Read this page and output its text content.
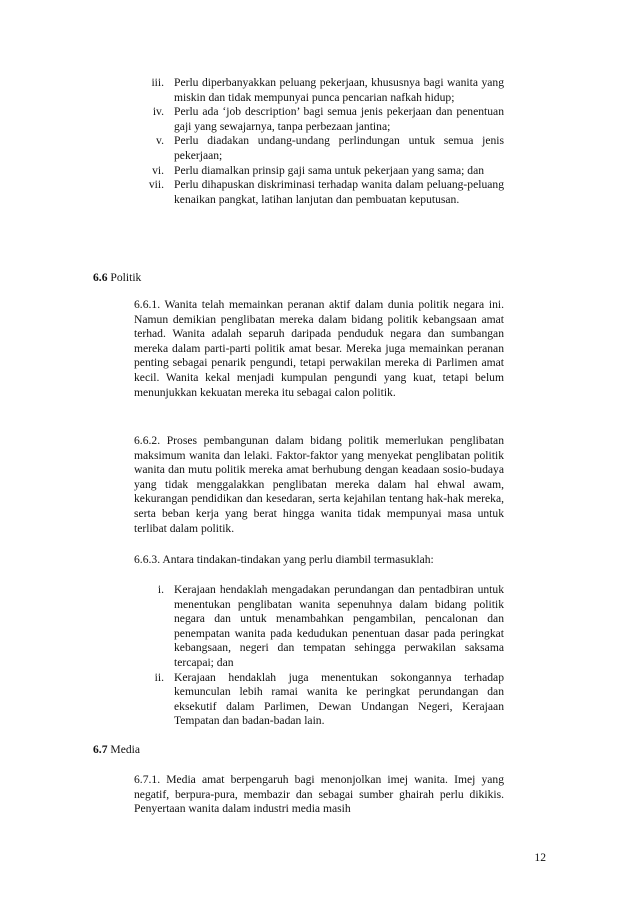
iii. Perlu diperbanyakkan peluang pekerjaan, khususnya bagi wanita yang miskin dan tidak mempunyai punca pencarian nafkah hidup;
iv. Perlu ada ‘job description’ bagi semua jenis pekerjaan dan penentuan gaji yang sewajarnya, tanpa perbezaan jantina;
v. Perlu diadakan undang-undang perlindungan untuk semua jenis pekerjaan;
vi. Perlu diamalkan prinsip gaji sama untuk pekerjaan yang sama; dan
vii. Perlu dihapuskan diskriminasi terhadap wanita dalam peluang-peluang kenaikan pangkat, latihan lanjutan dan pembuatan keputusan.
6.6 Politik
6.6.1. Wanita telah memainkan peranan aktif dalam dunia politik negara ini. Namun demikian penglibatan mereka dalam bidang politik kebangsaan amat terhad. Wanita adalah separuh daripada penduduk negara dan sumbangan mereka dalam parti-parti politik amat besar. Mereka juga memainkan peranan penting sebagai penarik pengundi, tetapi perwakilan mereka di Parlimen amat kecil. Wanita kekal menjadi kumpulan pengundi yang kuat, tetapi belum menunjukkan kekuatan mereka itu sebagai calon politik.
6.6.2. Proses pembangunan dalam bidang politik memerlukan penglibatan maksimum wanita dan lelaki. Faktor-faktor yang menyekat penglibatan politik wanita dan mutu politik mereka amat berhubung dengan keadaan sosio-budaya yang tidak menggalakkan penglibatan mereka dalam hal ehwal awam, kekurangan pendidikan dan kesedaran, serta kejahilan tentang hak-hak mereka, serta beban kerja yang berat hingga wanita tidak mempunyai masa untuk terlibat dalam politik.
6.6.3. Antara tindakan-tindakan yang perlu diambil termasuklah:
i. Kerajaan hendaklah mengadakan perundangan dan pentadbiran untuk menentukan penglibatan wanita sepenuhnya dalam bidang politik negara dan untuk menambahkan pengambilan, pencalonan dan penempatan wanita pada kedudukan penentuan dasar pada peringkat kebangsaan, negeri dan tempatan sehingga perwakilan saksama tercapai; dan
ii. Kerajaan hendaklah juga menentukan sokongannya terhadap kemunculan lebih ramai wanita ke peringkat perundangan dan eksekutif dalam Parlimen, Dewan Undangan Negeri, Kerajaan Tempatan dan badan-badan lain.
6.7 Media
6.7.1. Media amat berpengaruh bagi menonjolkan imej wanita. Imej yang negatif, berpura-pura, membazir dan sebagai sumber ghairah perlu dikikis. Penyertaan wanita dalam industri media masih
12
